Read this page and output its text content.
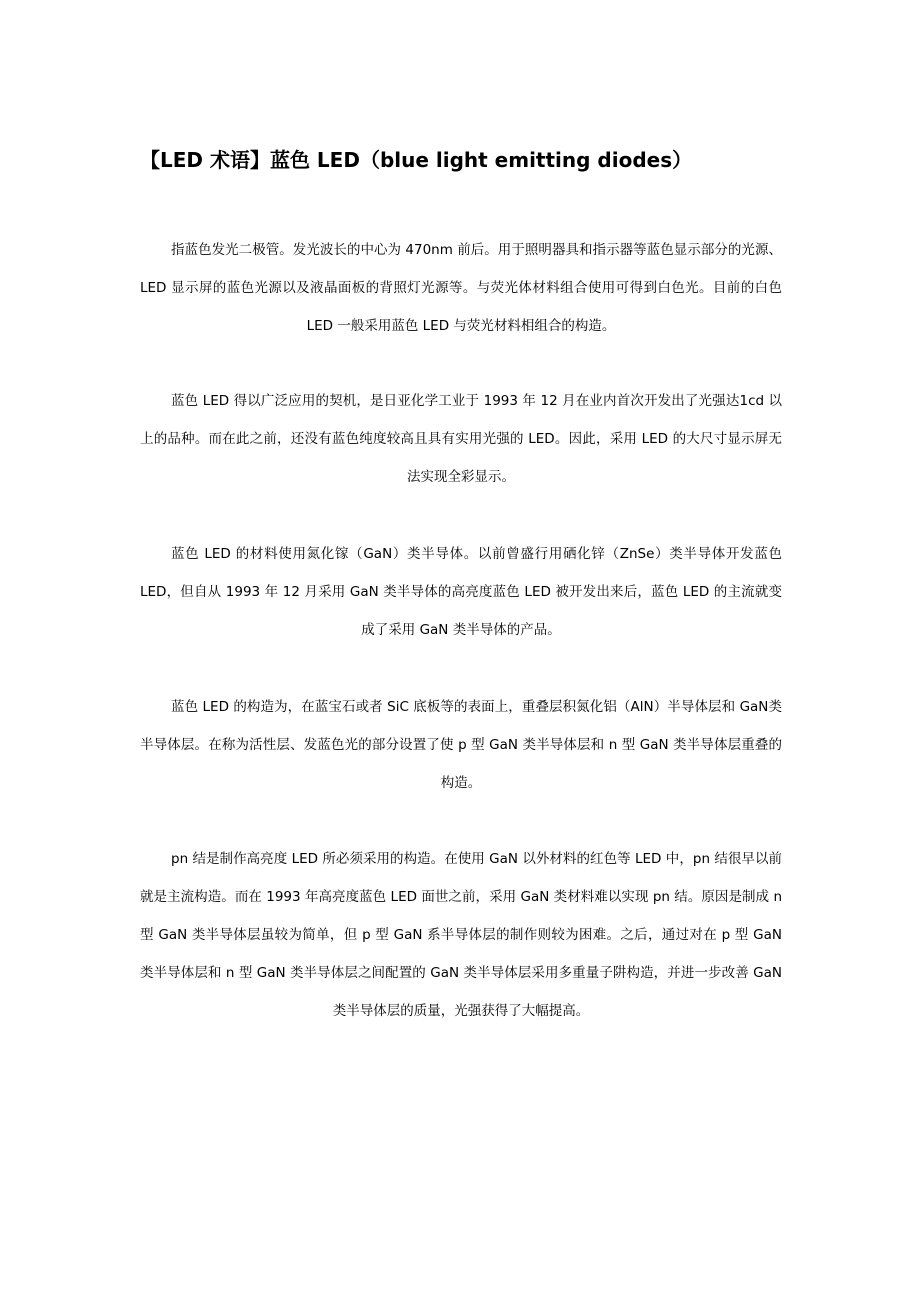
【LED 术语】蓝色 LED（blue light emitting diodes）

指蓝色发光二极管。发光波长的中心为 470nm 前后。用于照明器具和指示器等蓝色显示部分的光源、LED 显示屏的蓝色光源以及液晶面板的背照灯光源等。与荧光体材料组合使用可得到白色光。目前的白色 LED 一般采用蓝色 LED 与荧光材料相组合的构造。

蓝色 LED 得以广泛应用的契机，是日亚化学工业于 1993 年 12 月在业内首次开发出了光强达1cd 以上的品种。而在此之前，还没有蓝色纯度较高且具有实用光强的 LED。因此，采用 LED 的大尺寸显示屏无法实现全彩显示。

蓝色 LED 的材料使用氮化镓（GaN）类半导体。以前曾盛行用硒化锌（ZnSe）类半导体开发蓝色 LED，但自从 1993 年 12 月采用 GaN 类半导体的高亮度蓝色 LED 被开发出来后，蓝色 LED 的主流就变成了采用 GaN 类半导体的产品。

蓝色 LED 的构造为，在蓝宝石或者 SiC 底板等的表面上，重叠层积氮化铝（AlN）半导体层和 GaN类半导体层。在称为活性层、发蓝色光的部分设置了使 p 型 GaN 类半导体层和 n 型 GaN 类半导体层重叠的构造。

pn 结是制作高亮度 LED 所必须采用的构造。在使用 GaN 以外材料的红色等 LED 中，pn 结很早以前就是主流构造。而在 1993 年高亮度蓝色 LED 面世之前，采用 GaN 类材料难以实现 pn 结。原因是制成 n 型 GaN 类半导体层虽较为简单，但 p 型 GaN 系半导体层的制作则较为困难。之后，通过对在 p 型 GaN 类半导体层和 n 型 GaN 类半导体层之间配置的 GaN 类半导体层采用多重量子阱构造，并进一步改善 GaN 类半导体层的质量，光强获得了大幅提高。
